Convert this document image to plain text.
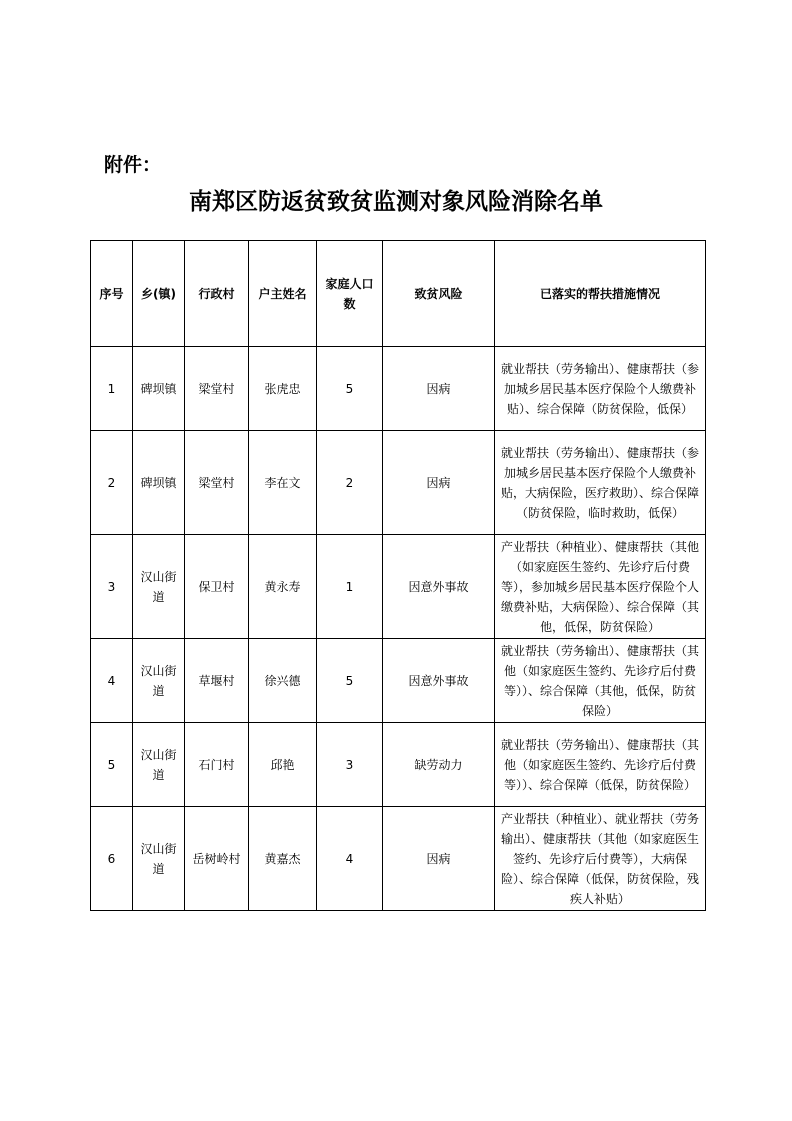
附件：
南郑区防返贫致贫监测对象风险消除名单
序号	乡(镇)	行政村	户主姓名	家庭人口数	致贫风险	已落实的帮扶措施情况
1	碑坝镇	梁堂村	张虎忠	5	因病	就业帮扶（劳务输出）、健康帮扶（参加城乡居民基本医疗保险个人缴费补贴）、综合保障（防贫保险，低保）
2	碑坝镇	梁堂村	李在文	2	因病	就业帮扶（劳务输出）、健康帮扶（参加城乡居民基本医疗保险个人缴费补贴，大病保险，医疗救助）、综合保障（防贫保险，临时救助，低保）
3	汉山街道	保卫村	黄永寿	1	因意外事故	产业帮扶（种植业）、健康帮扶（其他（如家庭医生签约、先诊疗后付费等），参加城乡居民基本医疗保险个人缴费补贴，大病保险）、综合保障（其他，低保，防贫保险）
4	汉山街道	草堰村	徐兴德	5	因意外事故	就业帮扶（劳务输出）、健康帮扶（其他（如家庭医生签约、先诊疗后付费等））、综合保障（其他，低保，防贫保险）
5	汉山街道	石门村	邱艳	3	缺劳动力	就业帮扶（劳务输出）、健康帮扶（其他（如家庭医生签约、先诊疗后付费等））、综合保障（低保，防贫保险）
6	汉山街道	岳树岭村	黄嘉杰	4	因病	产业帮扶（种植业）、就业帮扶（劳务输出）、健康帮扶（其他（如家庭医生签约、先诊疗后付费等），大病保险）、综合保障（低保，防贫保险，残疾人补贴）
